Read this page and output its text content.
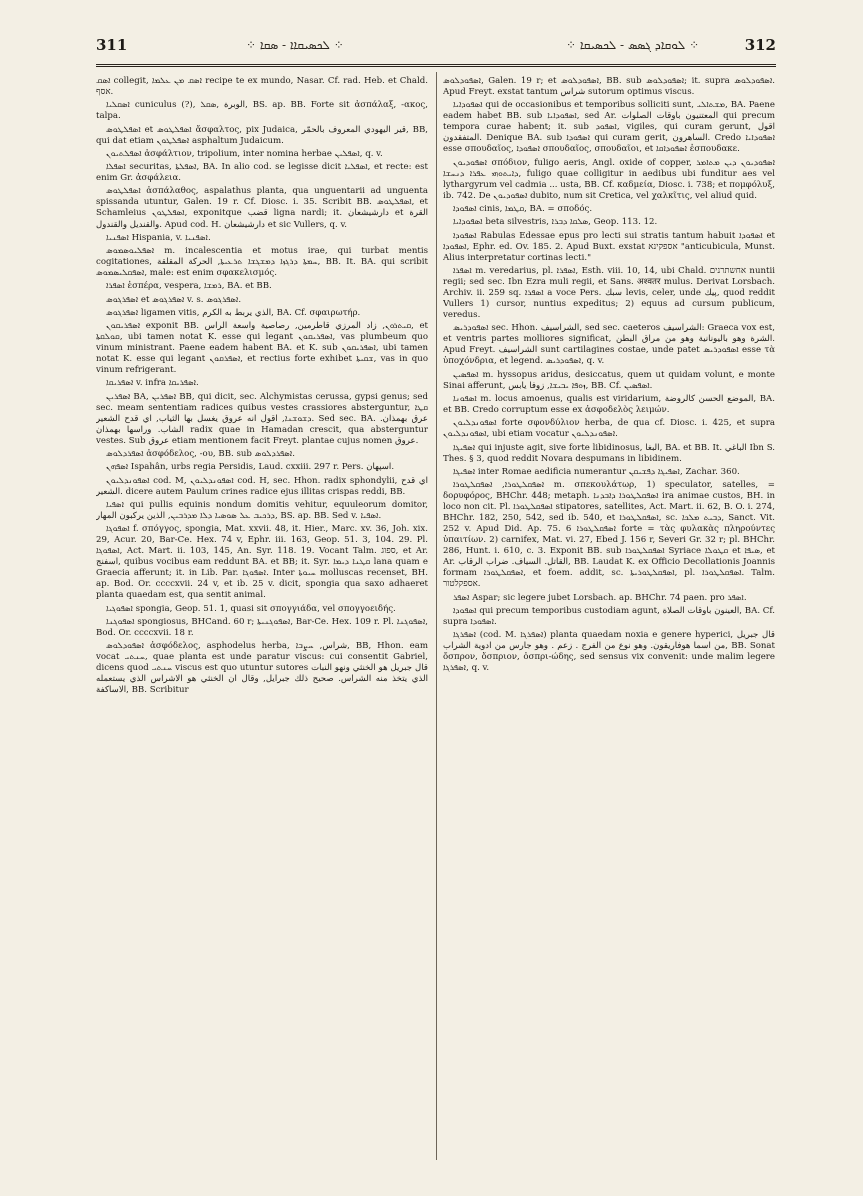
311	⁘ ܠܟܣܝܩܐܐ ‑ ܣܩܐ ⁘	⁘ ܠܘܩܐܕ ܓܣܣ ‑ ܠܟܣܝܩܐ ⁘	312

ܐܣܩ collegit, ܐܣܩ ܡܢ ܥܠܡܐ recipe te ex mundo, Nasar. Cf. rad. Heb. et Chald. אסף.

ܐܣܩܠܝܐ cuniculus (?), الوبرة ,ܣܩܠ, BS. ap. BB. Forte sit ἀσπάλαξ, -ακος, talpa.

ܐܣܦܠܛܘܣ et ܐܣܦܠܛܘܣ ἄσφαλτος, pix Judaica, قير اليهودي المعروف بالحمّر, BB, qui dat etiam ܐܣܦܠܛܘܢ asphaltum Judaicum.

ܐܣܦܠܬܝܘܢ ἀσφάλτιον, tripolium, inter nomina herbae ܐܣܦܠܝܢ, q. v.

ܐܣܦܠܐ securitas, ܐܣܦܠܬܐ, BA. In alio cod. se legisse dicit ܐܣܦܠܝܐ, et recte: est enim Gr. ἀσφάλεια.

ܐܣܦܠܛܘܣ ἀσπάλαθος, aspalathus planta, qua unguentarii ad unguenta spissanda utuntur, Galen. 19 r. Cf. Diosc. i. 35. Scribit BB. ܐܣܦܠܛܘܣ, et Schamleius ܐܣܦܠܛܘܢ, exponitque قضب ligna nardi; it. دارشيشعان et القرة والقنديل والقندول. Apud cod. H. دارشيشعان et sic Vullers, q. v.

ܐܣܦܢܝܐ Hispania, v. ܐܣܦܢܝܐ.

ܐܣܦܠܝܘܣܡܘܣ m. incalescentia et motus irae, qui turbat mentis cogitationes, ܚܡܬܐ ܕܪܓܙܐ ܕܡܫܓܫܐ ܬܪܥܝܬܐ, الحركة المقلقة, BB. It. BA. qui scribit ܐܣܦܩܠܝܣܡܘܣ, male: est enim σφακελισμός.

ܐܣܦܪܐ ἑσπέρα, vespera, ܪܡܫܐ, BA. et BB.

ܐܣܦܪܓܘܣ et ܐܣܦܪܓܘܣ v. s. ܐܣܦܪܓܘܣ.

ܐܣܦܪܓܘܣ ligamen vitis, الذي يربط به الكرم, BA. Cf. σφαιρωτήρ.

ܐܣܦܪܝܩܘܢ exponit BB. ܩܝܬܪܘܢ, زاد المرزي قاطرمين, رصاصية واسعة الراس, et ܩܘܠܩܬܐ, ubi tamen notat K. esse qui legant ܐܣܦܪܝܩܘܢ, vas plumbeum quo vinum ministrant. Paene eadem habent BA. et K. sub ܐܣܦܪܝܩܘܢ, ubi tamen notat K. esse qui legant ܐܣܦܪܩܘܢ, et rectius forte exhibet ܫܩܝܬܐ, vas in quo vinum refrigerant.

ܐܣܦܪܝܩܐ v. infra ܐܣܦܪܝܩܐ.

ܐܣܦܪܝܢ BA, ܐܣܦܪܝܢ BB, qui dicit, sec. Alchymistas cerussa, gypsi genus; sed sec. meam sententiam radices quibus vestes crassiores absterguntur, ܩܛܐ ܕܫܘܫܢܐ, اقول انه عروق يغسل بها الثياب, اي قدح الشعير. Sed sec. BA. عرق بهمذان. الشاب. وراسها بهمذان radix quae in Hamadan crescit, qua absterguntur vestes. Sub عروق etiam mentionem facit Freyt. plantae cujus nomen عروق.

ܐܣܦܪܕܠܘܣ ἀσφόδελος, -ου, BB. sub ܐܣܦܪܕܠܘܣ.

ܐܣܦܗܢ Ispahân, urbs regia Persidis, Laud. cxxiii. 297 r. Pers. اسپهان.

ܐܣܦܘܢܕܠܝܘܢ cod. M, ܐܣܦܘܢܕܠܝܘܢ cod. H, sec. Hhon. radix sphondylii, اي قدح الشعير. dicere autem Paulum crines radice ejus illitas crispas reddi, BB.

ܐܣܦܝܐ qui pullis equinis nondum domitis vehitur, equuleorum domitor, ܕܪܟܝܒ ܥܠ ܣܘܣܝܐ ܕܠܐ ܡܕܪܒܝܢ, الذين يركبون المهار, BS. ap. BB. Sed v. ܐܣܦܝܐ.

ܐܣܦܘܓܐ f. σπόγγος, spongia, Mat. xxvii. 48, it. Hier., Marc. xv. 36, Joh. xix. 29, Acur. 20, Bar-Ce. Hex. 74 v, Ephr. iii. 163, Geop. 51. 3, 104. 29. Pl. ܐܣܦܘܓܐ, Act. Mart. ii. 103, 145, An. Syr. 118. 19. Vocant Talm. ספוג, et Ar. اسفنج, quibus vocibus eam reddunt BA. et BB; it. Syr. ܩܛܢܐ ܕܝܡܐ lana quam e Graecia afferunt; it. in Lib. Par. ܐܣܦܘܓܐ. Inter ܚܝܘܬܐ molluscas recenset, BH. ap. Bod. Or. ccccxvii. 24 v, et ib. 25 v. dicit, spongia qua saxo adhaeret planta quaedam est, qua sentit animal.

ܐܣܦܘܓܝܐ spongia, Geop. 51. 1, quasi sit σπογγιάδα, vel σπογγοειδής.

ܐܣܦܘܓܢܐ spongiosus, BHCand. 60 r; ܐܣܦܘܓܢܝܬܐ, Bar-Ce. Hex. 109 r. Pl. ܐܣܦܘܓܢܐ, Bod. Or. ccccxvii. 18 r.

ܐܣܦܘܕܠܘܣ ἀσφόδελος, asphodelus herba, شراس, ܚܨܒܐ, BB, Hhon. eam vocat ܚܢܬܝ, quae planta est unde paratur viscus: cui consentit Gabriel, dicens quod ܚܢܬܝ viscus est quo utuntur sutores قال جبريل هو الخنثي ونهو النبات الذي يتخذ منه الشراس. صحيح ذلك جبرايل, وقال ان الخنثي هو الاشراس الذي يستعمله الاساكفة, BB. Scribitur

ܐܣܦܘܕܠܘܣ, Galen. 19 r; et ܐܣܦܘܕܠܘܣ, BB. sub ܐܣܦܘܕܠܘܣ; it. supra ܐܣܦܘܕܠܘܣ. Apud Freyt. exstat tantum شراس sutorum optimus viscus.

ܐܣܦܘܕܐܝܐ qui de occasionibus et temporibus solliciti sunt, ܡܫܬܐܠܝ, BA. Paene eadem habet BB. sub ܐܣܦܘܕܐܝܐ, sed Ar. المعتنيون باوقات الصلوات qui precum tempora curae habent; it. sub ܐܣܦܘܕ, vigiles, qui curam gerunt, اقول المتفقدون. Denique BA. sub ܐܣܦܘܕܐ qui curam gerit, الساهرون. Credo ܐܣܦܘܕܐܝܐ esse σπουδαῖος, ܐܣܦܘܕܐ σπουδαῖος, σπουδαῖοι, et ܐܣܦܘܕܐܩܐ ἐσπουδακε.

ܐܣܦܘܕܝܘܢ σπόδιον, fuligo aeris, Angl. oxide of copper, ܐܣܦܘܕܝܘܢ ܕܝܢ ܡܬܐܡܪ ܕܐܝܬܘܗܝ ܥܦܪܐ ܕܢܚܫܐ, fuligo quae colligitur in aedibus ubi funditur aes vel lythargyrum vel cadmia ... usta, BB. Cf. καδμεία, Diosc. i. 738; et πομφόλυξ, ib. 742. De ܐܣܦܘܕܝܘܢ dubito, num sit Cretica, vel χαλκῖτις, vel aliud quid.

ܐܣܦܘܕܐ cinis, ܩܛܡܐ, BA. = σποδός.

ܐܣܦܘܕܐܝܐ beta silvestris, ܣܠܩܐ ܕܒܪܐ, Geop. 113. 12.

ܐܣܦܘܕܐ Rabulas Edessae epus pro lecti sui stratis tantum habuit ܐܣܦܘܕܐ et ܐܣܦܘܕܐ, Ephr. ed. Ov. 185. 2. Apud Buxt. exstat אספקינא "anticubicula, Munst. Alius interpretatur cortinas lecti."

ܐܣܦܪܐ m. veredarius, pl. ܐܣܦܪܐ, Esth. viii. 10, 14, ubi Chald. אחשתרנים nuntii regii; sed sec. Ibn Ezra muli regii, et Sans. अश्वतर mulus. Derivat Lorsbach. Archiv. ii. 259 sq. ܐܣܦܪܐ a voce Pers. سبك levis, celer, unde پيك, quod reddit Vullers 1) cursor, nuntius expeditus; 2) equus ad cursum publicum, veredus.

ܐܣܦܘܕܪܝܣ sec. Hhon. الشراسيف, sed sec. caeteros الشراسيف: Graeca vox est, et ventris partes molliores significat, الشرة وهو باليونانية وهو من مراق البطن. Apud Freyt. الشراسيف sunt cartilagines costae, unde patet ܐܣܦܘܕܪܝܣ esse τὰ ὑποχόνδρια, et legend. ܐܣܦܘܕܪܝܣ, q. v.

ܐܣܦܣܝܢ m. hyssopus aridus, desiccatus, quem ut quidam volunt, e monte Sinai afferunt, ܙܘܦܐ ܝܒܝܫܐ, زوفا يابس, BB. Cf. ܐܣܦܣܝܢ.

ܐܣܦܘܢܐ m. locus amoenus, qualis est viridarium, الموضع الحسن كالروضة, BA. et BB. Credo corruptum esse ex ἀσφοδελὸς λειμών.

ܐܣܦܘܢܕܠܝܘܢ forte σφονδύλιον herba, de qua cf. Diosc. i. 425, et supra ܐܣܦܘܢܕܠܝܘܢ, ubi etiam vocatur ܐܣܦܘܢܕܠܝܘܢ.

ܐܣܦܝܓܐ qui injuste agit, sive forte libidinosus, البغا, BA. et BB. It. الباغي Ibn S. Thes. § 3, quod reddit Novara despumans in libidinem.

ܐܣܦܝܓܐ inter Romae aedificia numerantur ܐܣܦܝܓܐ ܕܦܫܝܩܢ, Zachar. 360.

ܐܣܦܩܠܛܘܪܐ, ܐܣܦܩܠܛܘܪܐ m. σπεκουλάτωρ, 1) speculator, satelles, = δορυφόρος, BHChr. 448; metaph. ܐܣܦܩܠܛܘܪܐ ܕܐܒܕܢܐ ira animae custos, BH. in loco non cit. Pl. ܐܣܦܩܠܛܘܪܐ stipatores, satellites, Act. Mart. ii. 62, B. O. i. 274, BHChr. 182, 250, 542, sed ib. 540, et ܐܣܦܩܠܛܘܪܐ, sc. ܕܒܝܬ ܡܠܟܐ, Sanct. Vit. 252 v. Apud Did. Ap. 75. 6 ܐܣܦܩܠܛܘܪܐ forte = τὰς φυλακὰς πληρούντες ὑπαιτίων. 2) carnifex, Mat. vi. 27, Ebed J. 156 r, Severi Gr. 32 r; pl. BHChr. 286, Hunt. i. 610, c. 3. Exponit BB. sub ܐܣܦܩܠܛܘܪܐ Syriace ܩܛܘܠܐ et ܣܝܦܐ, et Ar. القاتل. السياف. ضراب الرقاب, BB. Laudat K. ex Officio Decollationis Joannis formam ܐܣܦܩܠܛܘܪܐ, et foem. addit, sc. ܐܣܦܩܠܛܘܪܝܬܐ, pl. ܐܣܦܩܠܛܘܪܐ. Talm. אספקלטור.

ܐܣܦܪ Aspar; sic legere jubet Lorsbach. ap. BHChr. 74 paen. pro ܐܣܦܪ.

ܐܣܦܘܕܐ qui precum temporibus custodiam agunt, العينون باوقات الصلاة, BA. Cf. supra ܐܣܦܘܕܐ.

ܐܣܦܪܓܐ (cod. M. ܐܣܦܪܓܐ) planta quaedam noxia e genere hyperici, قال جبريل من اسما هوفاريقون. وهو نوع من الفرج . زعم . وهو جارس من ادوية الشراب, BB. Sonat ὄσπρον, ὄσπριον, ὀσπρι-ώδης, sed sensus vix convenit: unde malim legere ܐܣܦܪܓܐ, q. v.
